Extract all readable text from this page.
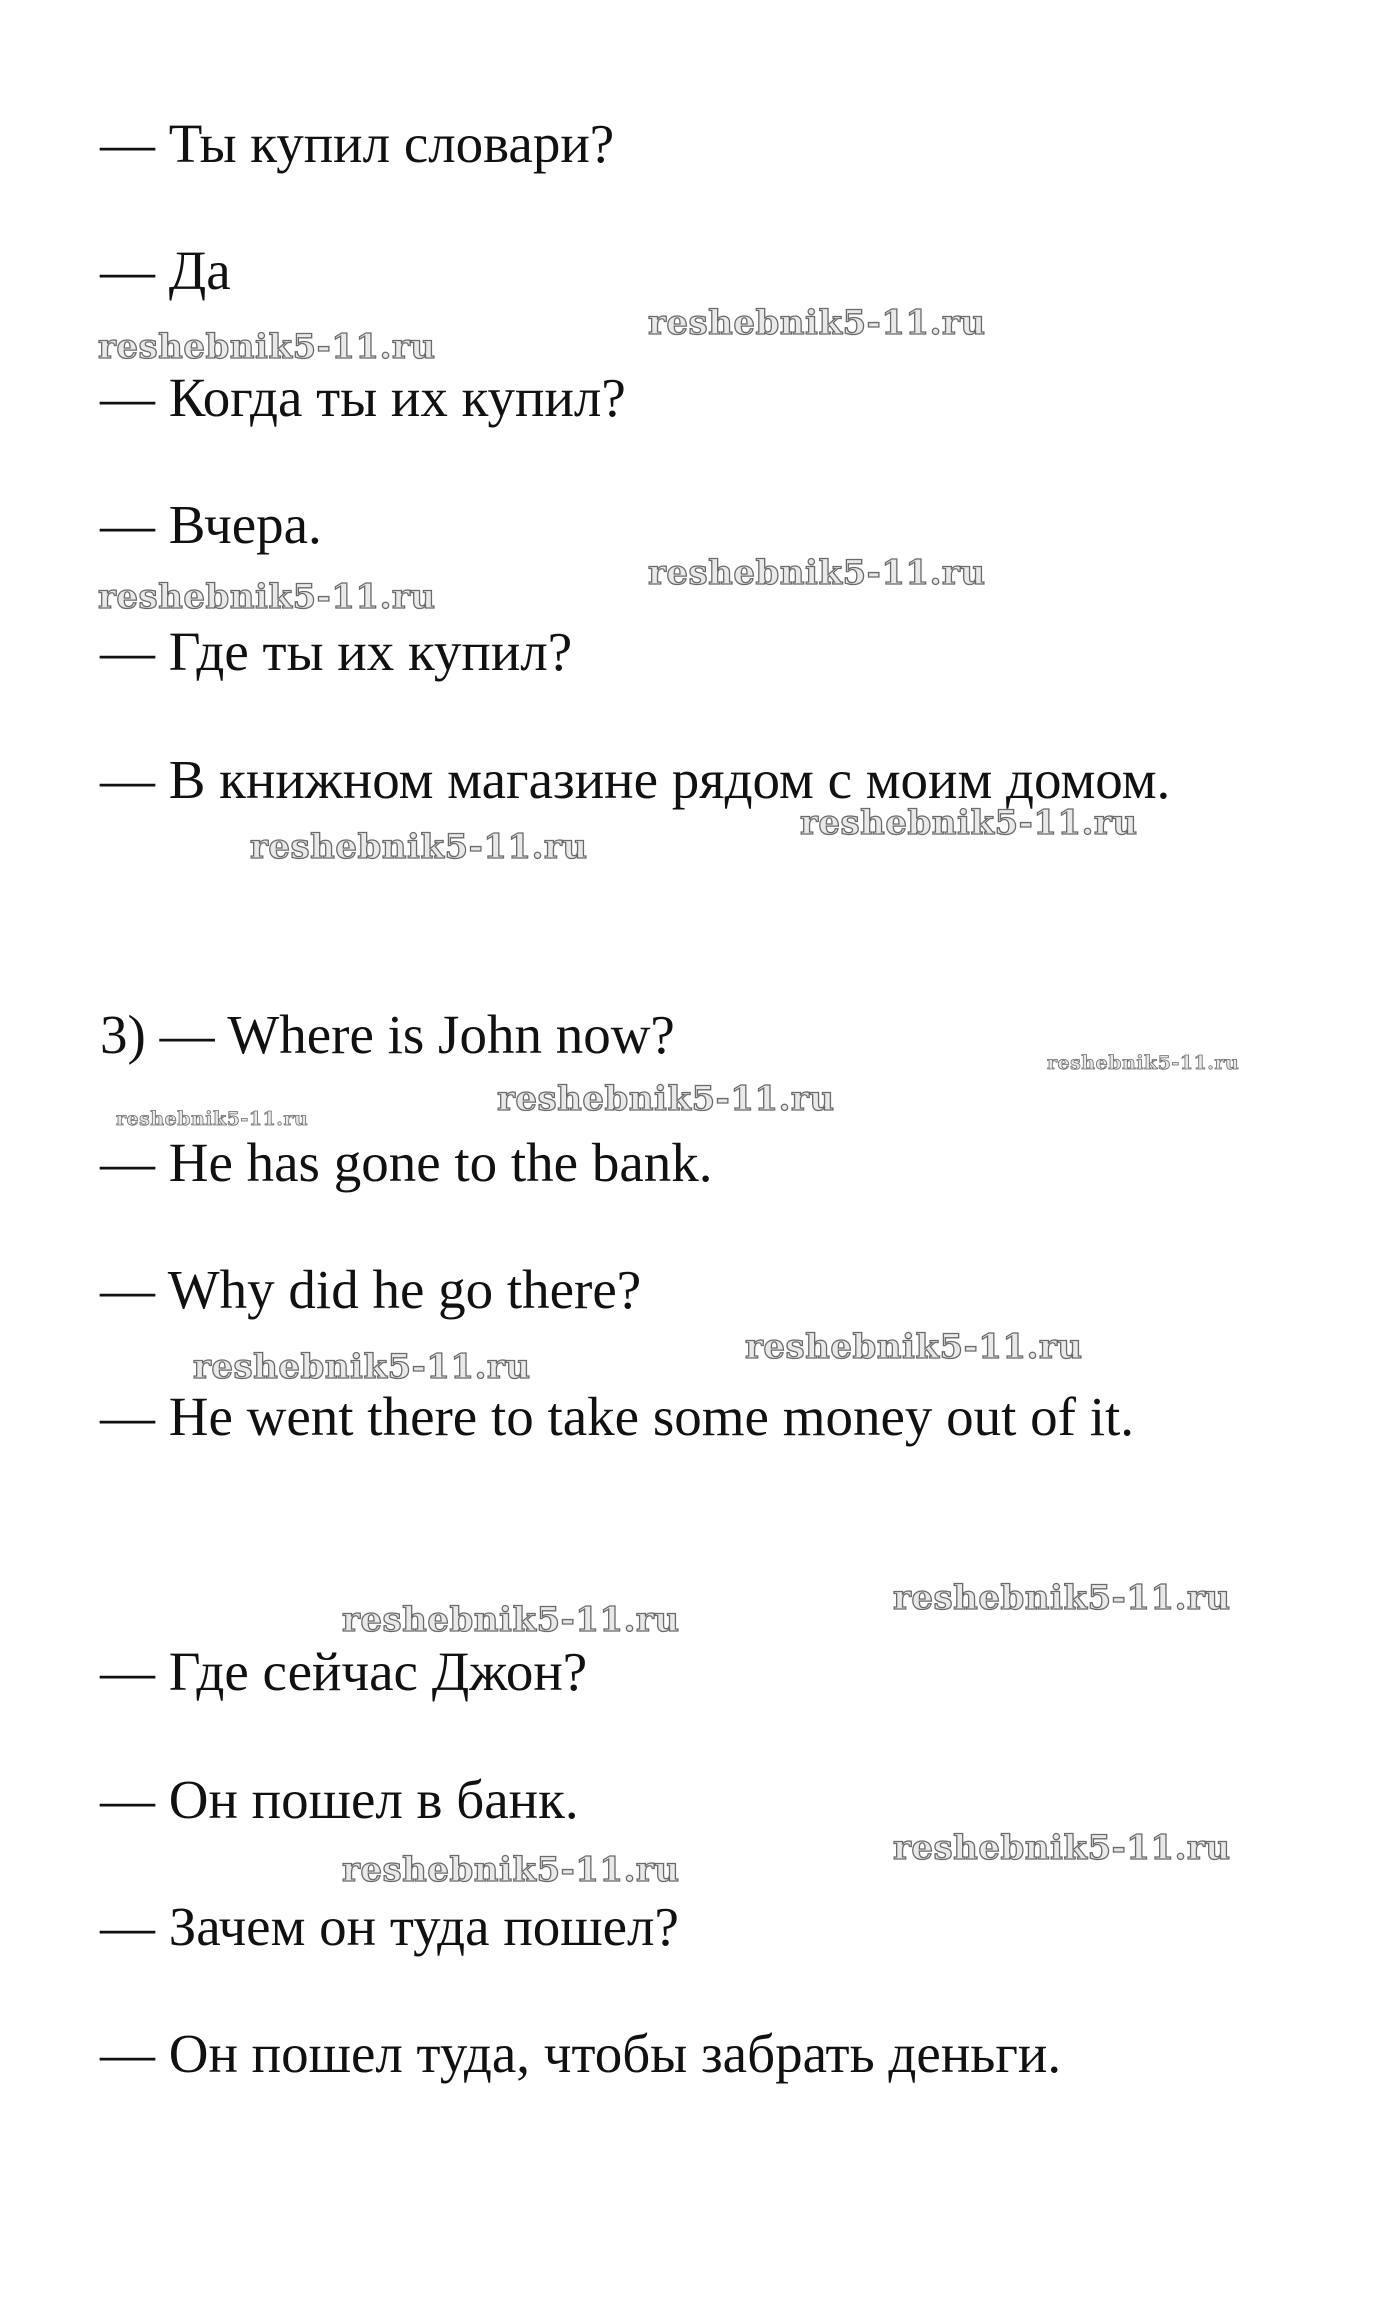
— Ты купил словари?

— Да

— Когда ты их купил?

— Вчера.

— Где ты их купил?

— В книжном магазине рядом с моим домом.

3) — Where is John now?

— He has gone to the bank.

— Why did he go there?

— He went there to take some money out of it.

— Где сейчас Джон?

— Он пошел в банк.

— Зачем он туда пошел?

— Он пошел туда, чтобы забрать деньги.

reshebnik5-11.ru
reshebnik5-11.ru
reshebnik5-11.ru
reshebnik5-11.ru
reshebnik5-11.ru
reshebnik5-11.ru
reshebnik5-11.ru
reshebnik5-11.ru	reshebnik5-11.ru
reshebnik5-11.ru	reshebnik5-11.ru
reshebnik5-11.ru
reshebnik5-11.ru
reshebnik5-11.ru
reshebnik5-11.ru
